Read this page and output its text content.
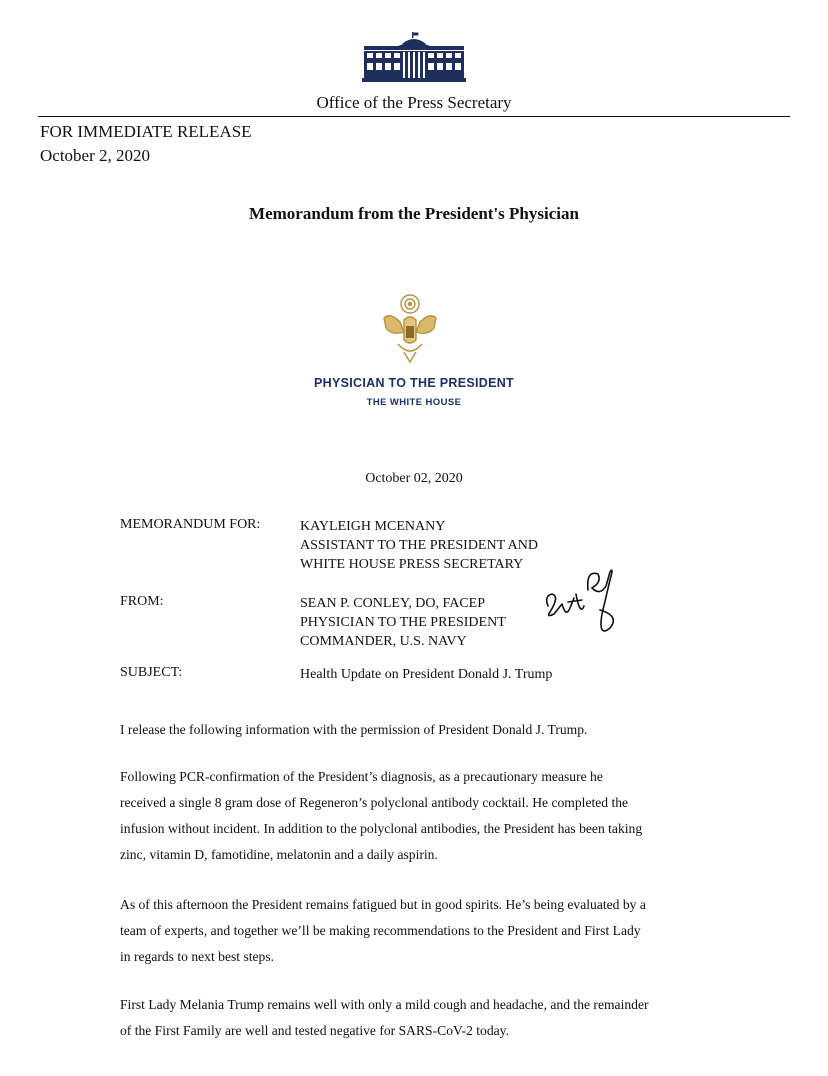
Office of the Press Secretary
FOR IMMEDIATE RELEASE
October 2, 2020
Memorandum from the President's Physician
PHYSICIAN TO THE PRESIDENT
THE WHITE HOUSE
October 02, 2020
MEMORANDUM FOR:	KAYLEIGH MCENANY
ASSISTANT TO THE PRESIDENT AND
WHITE HOUSE PRESS SECRETARY
FROM:	SEAN P. CONLEY, DO, FACEP
PHYSICIAN TO THE PRESIDENT
COMMANDER, U.S. NAVY
SUBJECT:	Health Update on President Donald J. Trump
I release the following information with the permission of President Donald J. Trump.
Following PCR-confirmation of the President’s diagnosis, as a precautionary measure he
received a single 8 gram dose of Regeneron’s polyclonal antibody cocktail. He completed the
infusion without incident. In addition to the polyclonal antibodies, the President has been taking
zinc, vitamin D, famotidine, melatonin and a daily aspirin.
As of this afternoon the President remains fatigued but in good spirits. He’s being evaluated by a
team of experts, and together we’ll be making recommendations to the President and First Lady
in regards to next best steps.
First Lady Melania Trump remains well with only a mild cough and headache, and the remainder
of the First Family are well and tested negative for SARS-CoV-2 today.
